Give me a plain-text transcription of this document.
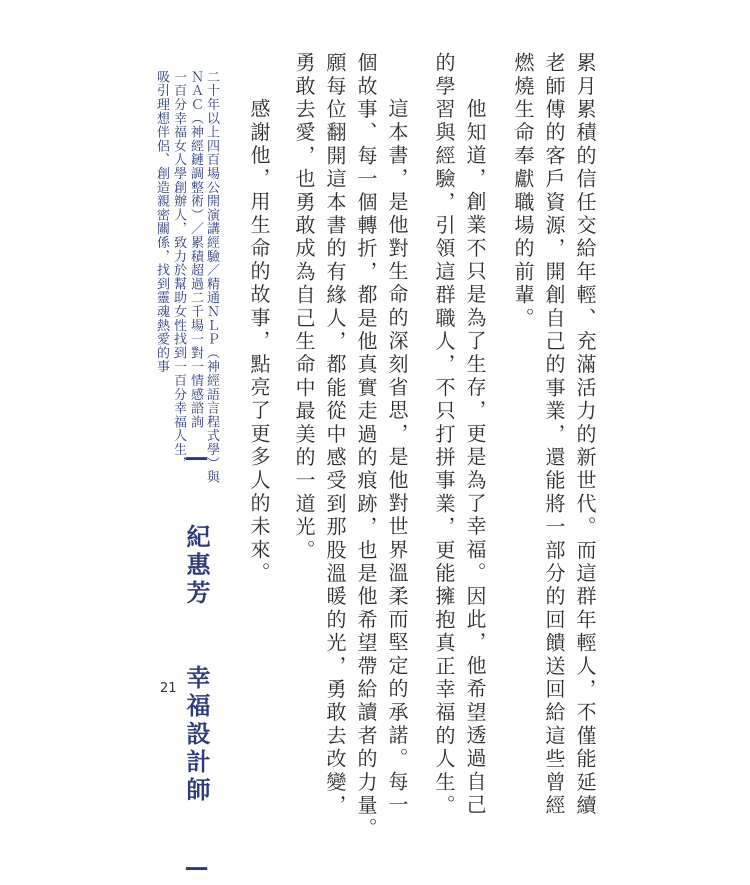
累月累積的信任交給年輕、充滿活力的新世代。而這群年輕人，不僅能延續

老師傅的客戶資源，開創自己的事業，還能將一部分的回饋送回給這些曾經

燃燒生命奉獻職場的前輩。

他知道，創業不只是為了生存，更是為了幸福。因此，他希望透過自己

的學習與經驗，引領這群職人，不只打拼事業，更能擁抱真正幸福的人生。

這本書，是他對生命的深刻省思，是他對世界溫柔而堅定的承諾。每一

個故事、每一個轉折，都是他真實走過的痕跡，也是他希望帶給讀者的力量。

願每位翻開這本書的有緣人，都能從中感受到那股溫暖的光，勇敢去改變，

勇敢去愛，也勇敢成為自己生命中最美的一道光。

感謝他，用生命的故事，點亮了更多人的未來。

— 紀惠芳 幸福設計師 —

二十年以上四百場公開演講經驗／精通ＮＬＰ（神經語言程式學）與

ＮＡＣ（神經鏈調整術）／累積超過二千場一對一情感諮詢

一百分幸福女人學創辦人，致力於幫助女性找到一百分幸福人生，

吸引理想伴侶、創造親密關係，找到靈魂熱愛的事

21
